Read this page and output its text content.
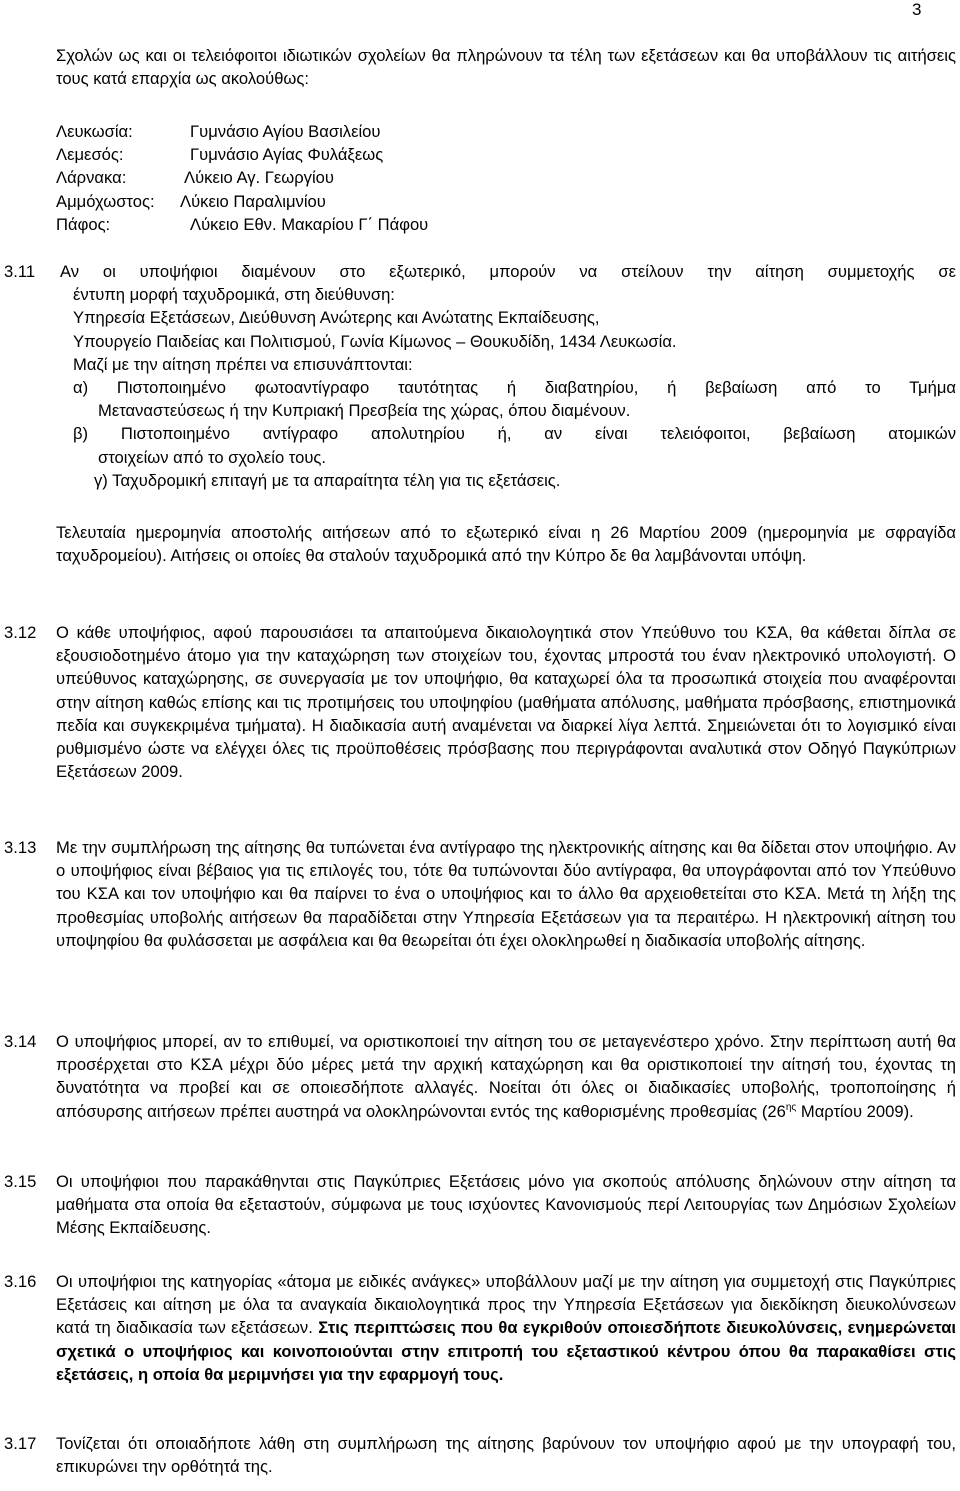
3
Σχολών ως και οι τελειόφοιτοι ιδιωτικών σχολείων θα πληρώνουν τα τέλη των εξετάσεων και θα υποβάλλουν τις αιτήσεις τους κατά επαρχία ως ακολούθως:
Λευκωσία:	Γυμνάσιο Αγίου Βασιλείου
Λεμεσός:	Γυμνάσιο Αγίας Φυλάξεως
Λάρνακα:	Λύκειο Αγ. Γεωργίου
Αμμόχωστος:	Λύκειο Παραλιμνίου
Πάφος:	Λύκειο Εθν. Μακαρίου Γ΄ Πάφου
3.11 Αν οι υποψήφιοι διαμένουν στο εξωτερικό, μπορούν να στείλουν την αίτηση συμμετοχής σε
έντυπη μορφή ταχυδρομικά, στη διεύθυνση:
Υπηρεσία Εξετάσεων, Διεύθυνση Ανώτερης και Ανώτατης Εκπαίδευσης,
Υπουργείο Παιδείας και Πολιτισμού, Γωνία Κίμωνος – Θουκυδίδη, 1434 Λευκωσία.
Μαζί με την αίτηση πρέπει να επισυνάπτονται:
α) Πιστοποιημένο φωτοαντίγραφο ταυτότητας ή διαβατηρίου, ή βεβαίωση από το Τμήμα
Μεταναστεύσεως ή την Κυπριακή Πρεσβεία της χώρας, όπου διαμένουν.
β) Πιστοποιημένο αντίγραφο απολυτηρίου ή, αν είναι τελειόφοιτοι, βεβαίωση ατομικών
στοιχείων από το σχολείο τους.
γ) Ταχυδρομική επιταγή με τα απαραίτητα τέλη για τις εξετάσεις.
Τελευταία ημερομηνία αποστολής αιτήσεων από το εξωτερικό είναι η 26 Μαρτίου 2009 (ημερομηνία με σφραγίδα ταχυδρομείου). Αιτήσεις οι οποίες θα σταλούν ταχυδρομικά από την Κύπρο δε θα λαμβάνονται υπόψη.
3.12 Ο κάθε υποψήφιος, αφού παρουσιάσει τα απαιτούμενα δικαιολογητικά στον Υπεύθυνο του ΚΣΑ, θα κάθεται δίπλα σε εξουσιοδοτημένο άτομο για την καταχώρηση των στοιχείων του, έχοντας μπροστά του έναν ηλεκτρονικό υπολογιστή. Ο υπεύθυνος καταχώρησης, σε συνεργασία με τον υποψήφιο, θα καταχωρεί όλα τα προσωπικά στοιχεία που αναφέρονται στην αίτηση καθώς επίσης και τις προτιμήσεις του υποψηφίου (μαθήματα απόλυσης, μαθήματα πρόσβασης, επιστημονικά πεδία και συγκεκριμένα τμήματα). Η διαδικασία αυτή αναμένεται να διαρκεί λίγα λεπτά. Σημειώνεται ότι το λογισμικό είναι ρυθμισμένο ώστε να ελέγχει όλες τις προϋποθέσεις πρόσβασης που περιγράφονται αναλυτικά στον Οδηγό Παγκύπριων Εξετάσεων 2009.
3.13 Με την συμπλήρωση της αίτησης θα τυπώνεται ένα αντίγραφο της ηλεκτρονικής αίτησης και θα δίδεται στον υποψήφιο. Αν ο υποψήφιος είναι βέβαιος για τις επιλογές του, τότε θα τυπώνονται δύο αντίγραφα, θα υπογράφονται από τον Υπεύθυνο του ΚΣΑ και τον υποψήφιο και θα παίρνει το ένα ο υποψήφιος και το άλλο θα αρχειοθετείται στο ΚΣΑ. Μετά τη λήξη της προθεσμίας υποβολής αιτήσεων θα παραδίδεται στην Υπηρεσία Εξετάσεων για τα περαιτέρω. Η ηλεκτρονική αίτηση του υποψηφίου θα φυλάσσεται με ασφάλεια και θα θεωρείται ότι έχει ολοκληρωθεί η διαδικασία υποβολής αίτησης.
3.14 Ο υποψήφιος μπορεί, αν το επιθυμεί, να οριστικοποιεί την αίτηση του σε μεταγενέστερο χρόνο. Στην περίπτωση αυτή θα προσέρχεται στο ΚΣΑ μέχρι δύο μέρες μετά την αρχική καταχώρηση και θα οριστικοποιεί την αίτησή του, έχοντας τη δυνατότητα να προβεί και σε οποιεσδήποτε αλλαγές. Νοείται ότι όλες οι διαδικασίες υποβολής, τροποποίησης ή απόσυρσης αιτήσεων πρέπει αυστηρά να ολοκληρώνονται εντός της καθορισμένης προθεσμίας ($26^{\eta\varsigma}$ Μαρτίου 2009).
3.15 Οι υποψήφιοι που παρακάθηνται στις Παγκύπριες Εξετάσεις μόνο για σκοπούς απόλυσης δηλώνουν στην αίτηση τα μαθήματα στα οποία θα εξεταστούν, σύμφωνα με τους ισχύοντες Κανονισμούς περί Λειτουργίας των Δημόσιων Σχολείων Μέσης Εκπαίδευσης.
3.16 Οι υποψήφιοι της κατηγορίας «άτομα με ειδικές ανάγκες» υποβάλλουν μαζί με την αίτηση για συμμετοχή στις Παγκύπριες Εξετάσεις και αίτηση με όλα τα αναγκαία δικαιολογητικά προς την Υπηρεσία Εξετάσεων για διεκδίκηση διευκολύνσεων κατά τη διαδικασία των εξετάσεων. Στις περιπτώσεις που θα εγκριθούν οποιεσδήποτε διευκολύνσεις, ενημερώνεται σχετικά ο υποψήφιος και κοινοποιούνται στην επιτροπή του εξεταστικού κέντρου όπου θα παρακαθίσει στις εξετάσεις, η οποία θα μεριμνήσει για την εφαρμογή τους.
3.17 Τονίζεται ότι οποιαδήποτε λάθη στη συμπλήρωση της αίτησης βαρύνουν τον υποψήφιο αφού με την υπογραφή του, επικυρώνει την ορθότητά της.
